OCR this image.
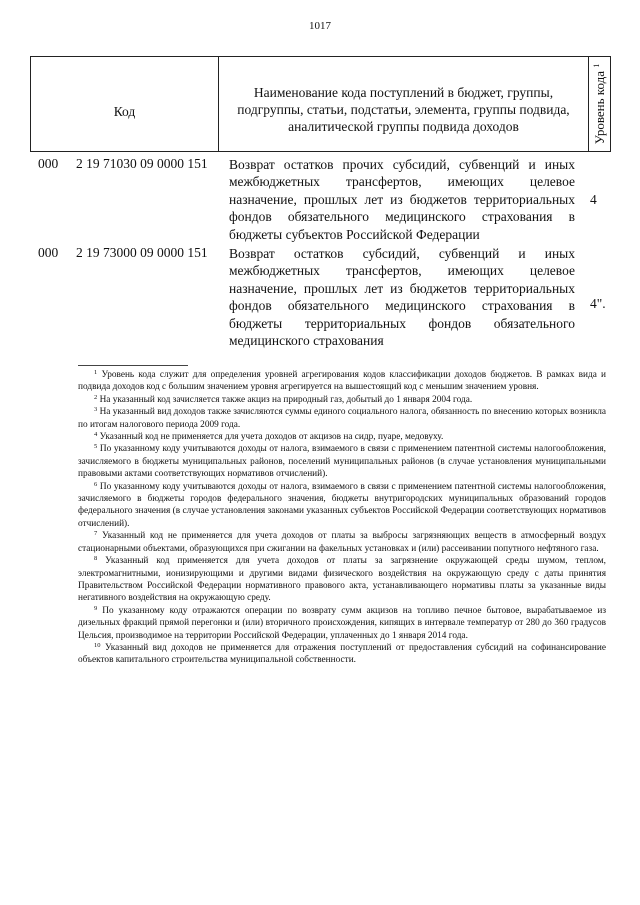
1017
Код
Наименование кода поступлений в бюджет, группы, подгруппы, статьи, подстатьи, элемента, группы подвида, аналитической группы подвида доходов	Уровень кода $^1$
000 2 19 71030 09 0000 151 Возврат остатков прочих субсидий, субвенций и иных межбюджетных трансфертов, имеющих целевое назначение, прошлых лет из бюджетов территориальных фондов обязательного медицинского страхования в бюджеты субъектов Российской Федерации
4
000 2 19 73000 09 0000 151 Возврат остатков субсидий, субвенций и иных межбюджетных трансфертов, имеющих целевое назначение, прошлых лет из бюджетов территориальных фондов обязательного медицинского страхования в бюджеты территориальных фондов обязательного медицинского страхования
4".

$^1$ Уровень кода служит для определения уровней агрегирования кодов классификации доходов бюджетов. В рамках вида и подвида доходов код с большим значением уровня агрегируется на вышестоящий код с меньшим значением уровня.

$^2$ На указанный код зачисляется также акциз на природный газ, добытый до 1 января 2004 года.

$^3$ На указанный вид доходов также зачисляются суммы единого социального налога, обязанность по внесению которых возникла по итогам налогового периода 2009 года.

$^4$ Указанный код не применяется для учета доходов от акцизов на сидр, пуаре, медовуху.

$^5$ По указанному коду учитываются доходы от налога, взимаемого в связи с применением патентной системы налогообложения, зачисляемого в бюджеты муниципальных районов, поселений муниципальных районов (в случае установления муниципальными правовыми актами соответствующих нормативов отчислений).

$^6$ По указанному коду учитываются доходы от налога, взимаемого в связи с применением патентной системы налогообложения, зачисляемого в бюджеты городов федерального значения, бюджеты внутригородских муниципальных образований городов федерального значения (в случае установления законами указанных субъектов Российской Федерации соответствующих нормативов отчислений).

$^7$ Указанный код не применяется для учета доходов от платы за выбросы загрязняющих веществ в атмосферный воздух стационарными объектами, образующихся при сжигании на факельных установках и (или) рассеивании попутного нефтяного газа.

$^8$ Указанный код применяется для учета доходов от платы за загрязнение окружающей среды шумом, теплом, электромагнитными, ионизирующими и другими видами физического воздействия на окружающую среду с даты принятия Правительством Российской Федерации нормативного правового акта, устанавливающего нормативы платы за указанные виды негативного воздействия на окружающую среду.

$^9$ По указанному коду отражаются операции по возврату сумм акцизов на топливо печное бытовое, вырабатываемое из дизельных фракций прямой перегонки и (или) вторичного происхождения, кипящих в интервале температур от 280 до 360 градусов Цельсия, производимое на территории Российской Федерации, уплаченных до 1 января 2014 года.

$^{10}$ Указанный вид доходов не применяется для отражения поступлений от предоставления субсидий на софинансирование объектов капитального строительства муниципальной собственности.
